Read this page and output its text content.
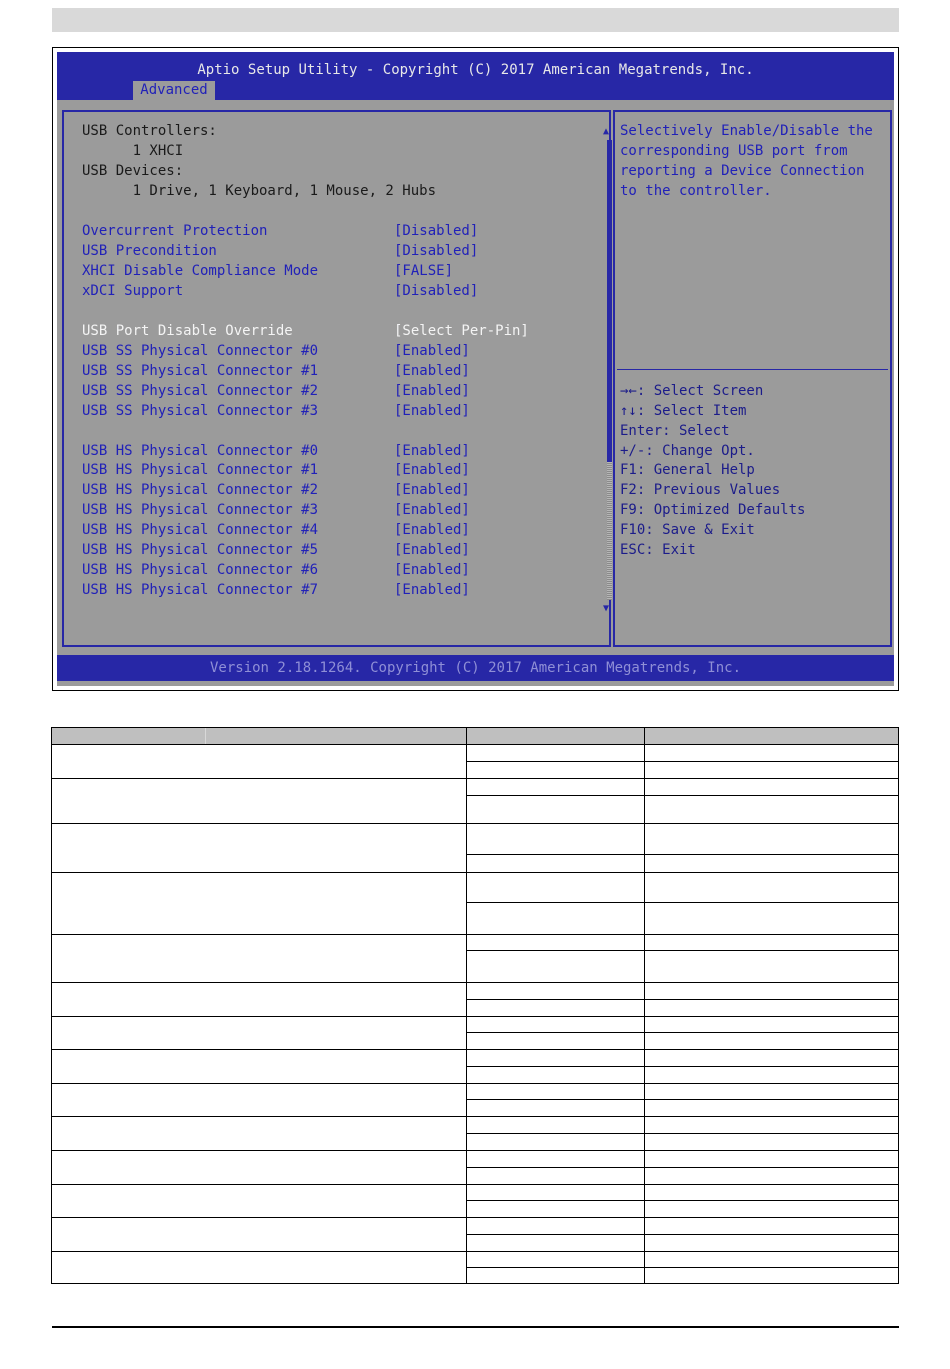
Aptio Setup Utility - Copyright (C) 2017 American Megatrends, Inc.
Advanced
USB Controllers:
1 XHCI
USB Devices:
1 Drive, 1 Keyboard, 1 Mouse, 2 Hubs
Overcurrent Protection	[Disabled]
USB Precondition	[Disabled]
XHCI Disable Compliance Mode	[FALSE]
xDCI Support	[Disabled]
USB Port Disable Override	[Select Per-Pin]
USB SS Physical Connector #0	[Enabled]
USB SS Physical Connector #1	[Enabled]
USB SS Physical Connector #2	[Enabled]
USB SS Physical Connector #3	[Enabled]
USB HS Physical Connector #0	[Enabled]
USB HS Physical Connector #1	[Enabled]
USB HS Physical Connector #2	[Enabled]
USB HS Physical Connector #3	[Enabled]
USB HS Physical Connector #4	[Enabled]
USB HS Physical Connector #5	[Enabled]
USB HS Physical Connector #6	[Enabled]
USB HS Physical Connector #7	[Enabled]
▲
▼
Selectively Enable/Disable the
corresponding USB port from
reporting a Device Connection
to the controller.
→←: Select Screen
↑↓: Select Item
Enter: Select
+/-: Change Opt.
F1: General Help
F2: Previous Values
F9: Optimized Defaults
F10: Save & Exit
ESC: Exit
Version 2.18.1264. Copyright (C) 2017 American Megatrends, Inc.
